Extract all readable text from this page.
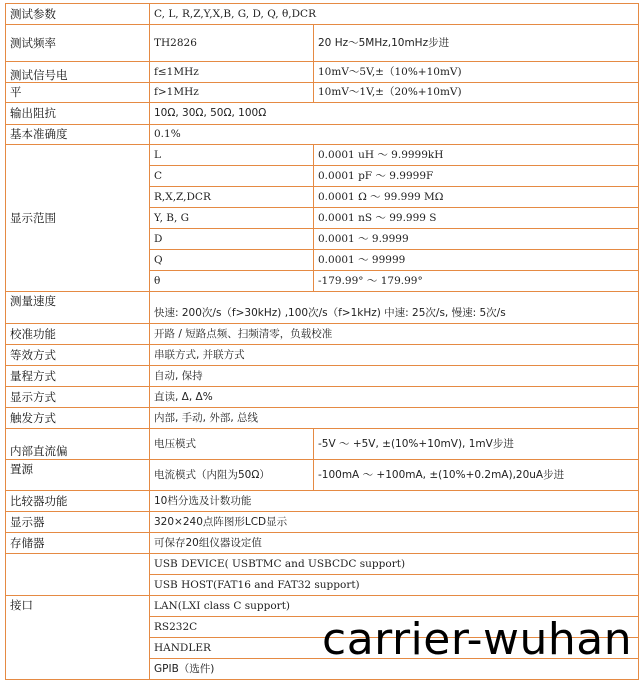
测试参数	C, L, R,Z,Y,X,B, G, D, Q, θ,DCR	
测试频率	TH2826	20 Hz～5MHz,10mHz步进
测试信号电	f≤1MHz	10mV～5V,±（10%+10mV)
平	f>1MHz	10mV～1V,±（20%+10mV)
输出阻抗	10Ω, 30Ω, 50Ω, 100Ω	
基本准确度	0.1%	
显示范围	L	0.0001 uH ～ 9.9999kH
	C	0.0001 pF ～ 9.9999F
	R,X,Z,DCR	0.0001 Ω ～ 99.999 MΩ
	Y, B, G	0.0001 nS ～ 99.999 S
	D	0.0001 ～ 9.9999
	Q	0.0001 ～ 99999
	θ	-179.99° ～ 179.99°
测量速度	快速: 200次/s（f>30kHz) ,100次/s（f>1kHz) 中速: 25次/s, 慢速: 5次/s	
校准功能	开路 / 短路点频、扫频清零，负载校准	
等效方式	串联方式, 并联方式	
量程方式	自动, 保持	
显示方式	直读, Δ, Δ%	
触发方式	内部, 手动, 外部, 总线	
内部直流偏	电压模式	-5V ～ +5V, ±(10%+10mV), 1mV步进
置源	电流模式（内阻为50Ω）	-100mA ～ +100mA, ±(10%+0.2mA),20uA步进
比较器功能	10档分选及计数功能	
显示器	320×240点阵图形LCD显示	
存储器	可保存20组仪器设定值	
	USB DEVICE( USBTMC and USBCDC support)	
	USB HOST(FAT16 and FAT32 support)	
接口	LAN(LXI class C support)	
	RS232C	
	HANDLER	
	GPIB（选件)	
carrier-wuhan
